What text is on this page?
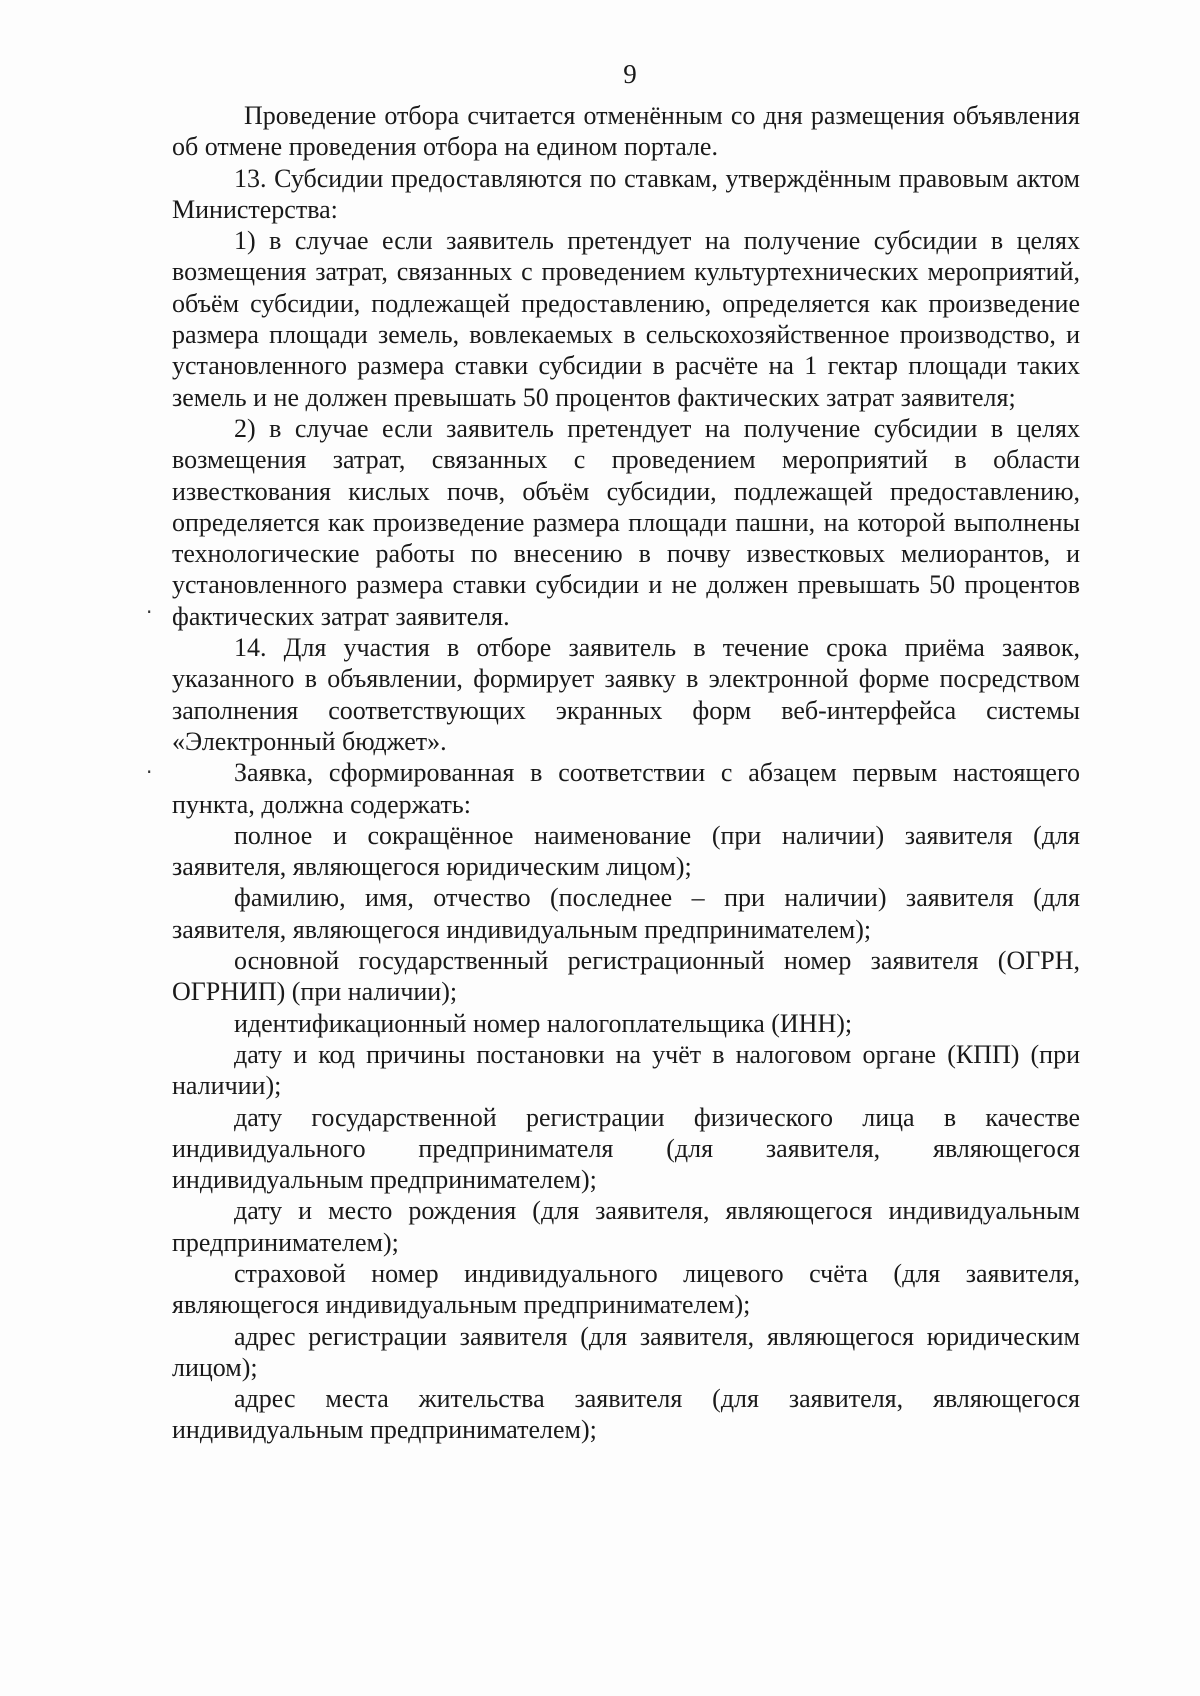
9

Проведение отбора считается отменённым со дня размещения объявления об отмене проведения отбора на едином портале.

13. Субсидии предоставляются по ставкам, утверждённым правовым актом Министерства:

1) в случае если заявитель претендует на получение субсидии в целях возмещения затрат, связанных с проведением культуртехнических мероприятий, объём субсидии, подлежащей предоставлению, определяется как произведение размера площади земель, вовлекаемых в сельскохозяйственное производство, и установленного размера ставки субсидии в расчёте на 1 гектар площади таких земель и не должен превышать 50 процентов фактических затрат заявителя;

2) в случае если заявитель претендует на получение субсидии в целях возмещения затрат, связанных с проведением мероприятий в области известкования кислых почв, объём субсидии, подлежащей предоставлению, определяется как произведение размера площади пашни, на которой выполнены технологические работы по внесению в почву известковых мелиорантов, и установленного размера ставки субсидии и не должен превышать 50 процентов фактических затрат заявителя.

14. Для участия в отборе заявитель в течение срока приёма заявок, указанного в объявлении, формирует заявку в электронной форме посредством заполнения соответствующих экранных форм веб-интерфейса системы «Электронный бюджет».

Заявка, сформированная в соответствии с абзацем первым настоящего пункта, должна содержать:

полное и сокращённое наименование (при наличии) заявителя (для заявителя, являющегося юридическим лицом);

фамилию, имя, отчество (последнее – при наличии) заявителя (для заявителя, являющегося индивидуальным предпринимателем);

основной государственный регистрационный номер заявителя (ОГРН, ОГРНИП) (при наличии);

идентификационный номер налогоплательщика (ИНН);

дату и код причины постановки на учёт в налоговом органе (КПП) (при наличии);

дату государственной регистрации физического лица в качестве индивидуального предпринимателя (для заявителя, являющегося индивидуальным предпринимателем);

дату и место рождения (для заявителя, являющегося индивидуальным предпринимателем);

страховой номер индивидуального лицевого счёта (для заявителя, являющегося индивидуальным предпринимателем);

адрес регистрации заявителя (для заявителя, являющегося юридическим лицом);

адрес места жительства заявителя (для заявителя, являющегося индивидуальным предпринимателем);

·
·
